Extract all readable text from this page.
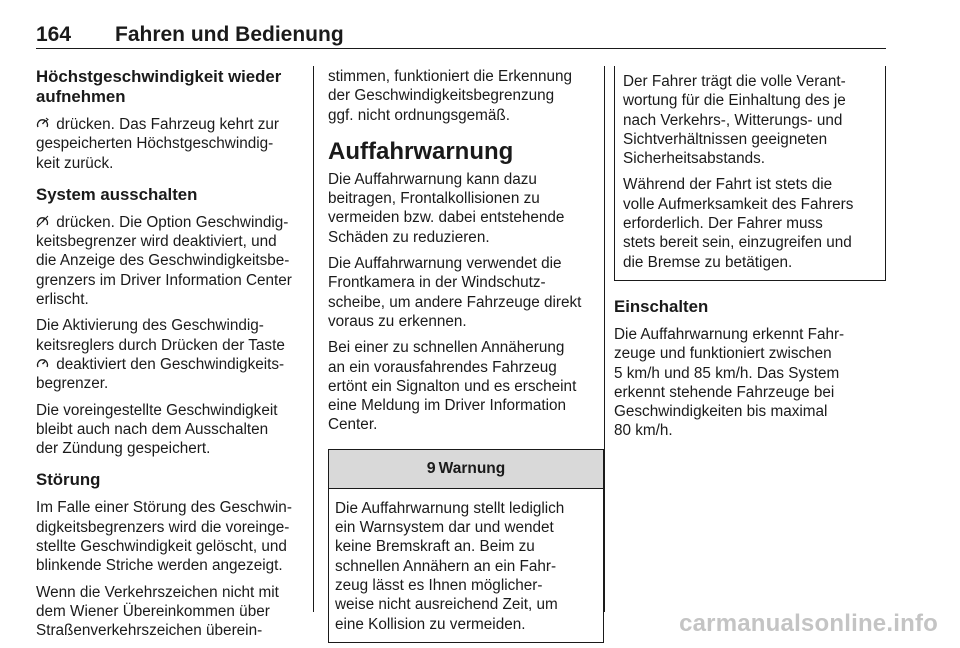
164 Fahren und Bedienung
Höchstgeschwindigkeit wieder
aufnehmen

drücken. Das Fahrzeug kehrt zur
gespeicherten Höchstgeschwindig-
keit zurück.

System ausschalten

drücken. Die Option Geschwindig-
keitsbegrenzer wird deaktiviert, und
die Anzeige des Geschwindigkeitsbe-
grenzers im Driver Information Center
erlischt.

Die Aktivierung des Geschwindig-
keitsreglers durch Drücken der Taste
deaktiviert den Geschwindigkeits-
begrenzer.

Die voreingestellte Geschwindigkeit
bleibt auch nach dem Ausschalten
der Zündung gespeichert.

Störung

Im Falle einer Störung des Geschwin-
digkeitsbegrenzers wird die voreinge-
stellte Geschwindigkeit gelöscht, und
blinkende Striche werden angezeigt.

Wenn die Verkehrszeichen nicht mit
dem Wiener Übereinkommen über
Straßenverkehrszeichen überein-

stimmen, funktioniert die Erkennung
der Geschwindigkeitsbegrenzung
ggf. nicht ordnungsgemäß.

Auffahrwarnung

Die Auffahrwarnung kann dazu
beitragen, Frontalkollisionen zu
vermeiden bzw. dabei entstehende
Schäden zu reduzieren.

Die Auffahrwarnung verwendet die
Frontkamera in der Windschutz-
scheibe, um andere Fahrzeuge direkt
voraus zu erkennen.

Bei einer zu schnellen Annäherung
an ein vorausfahrendes Fahrzeug
ertönt ein Signalton und es erscheint
eine Meldung im Driver Information
Center.

9 Warnung
Die Auffahrwarnung stellt lediglich
ein Warnsystem dar und wendet
keine Bremskraft an. Beim zu
schnellen Annähern an ein Fahr-
zeug lässt es Ihnen möglicher-
weise nicht ausreichend Zeit, um
eine Kollision zu vermeiden.

Der Fahrer trägt die volle Verant-
wortung für die Einhaltung des je
nach Verkehrs-, Witterungs- und
Sichtverhältnissen geeigneten
Sicherheitsabstands.

Während der Fahrt ist stets die
volle Aufmerksamkeit des Fahrers
erforderlich. Der Fahrer muss
stets bereit sein, einzugreifen und
die Bremse zu betätigen.

Einschalten

Die Auffahrwarnung erkennt Fahr-
zeuge und funktioniert zwischen
5 km/h und 85 km/h. Das System
erkennt stehende Fahrzeuge bei
Geschwindigkeiten bis maximal
80 km/h.

carmanualsonline.info
